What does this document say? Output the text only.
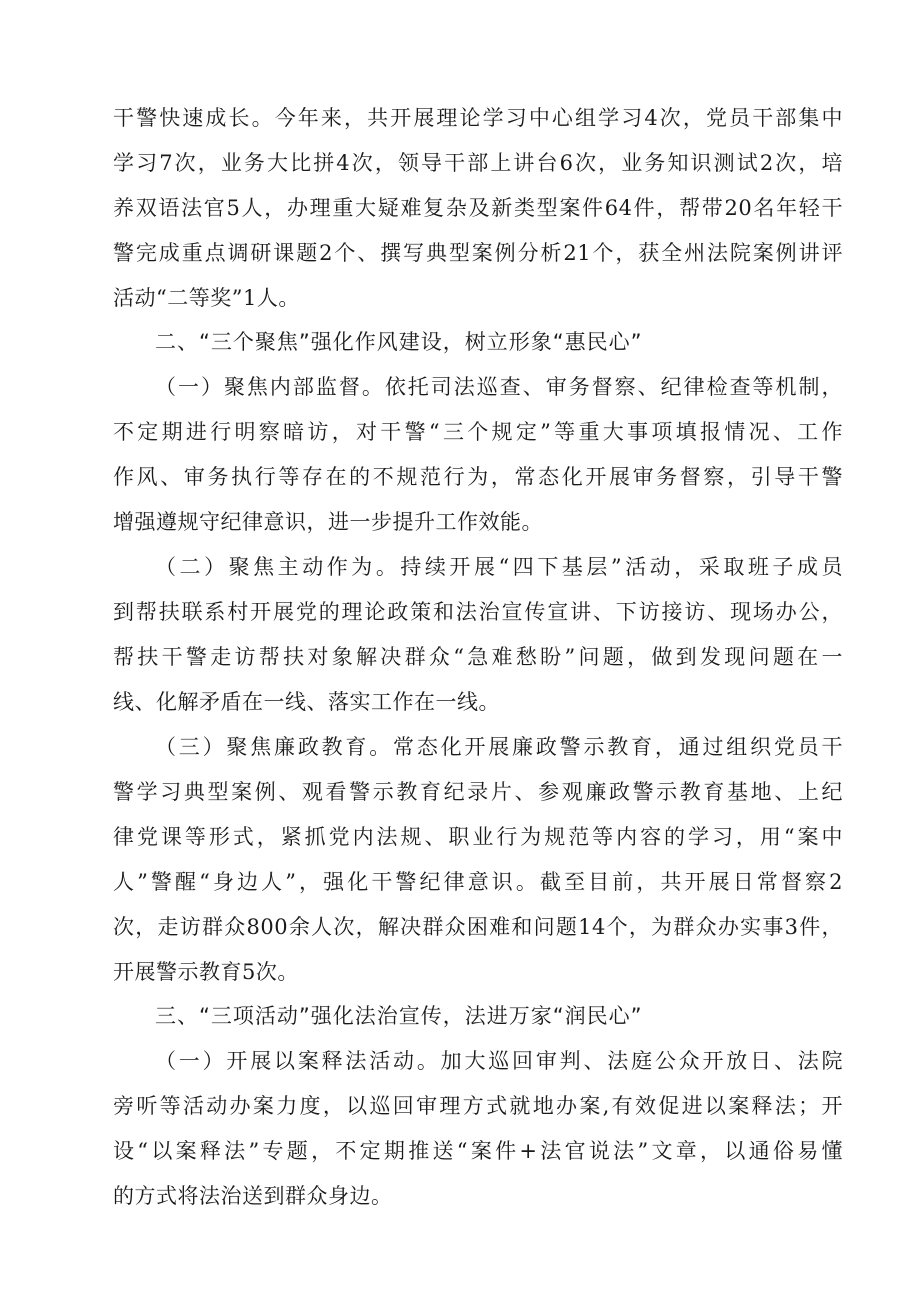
干警快速成长。今年来，共开展理论学习中心组学习4次，党员干部集中
学习7次，业务大比拼4次，领导干部上讲台6次，业务知识测试2次，培
养双语法官5人，办理重大疑难复杂及新类型案件64件，帮带20名年轻干
警完成重点调研课题2个、撰写典型案例分析21个，获全州法院案例讲评
活动“二等奖”1人。
二、“三个聚焦”强化作风建设，树立形象“惠民心”
（一）聚焦内部监督。依托司法巡查、审务督察、纪律检查等机制，
不定期进行明察暗访，对干警“三个规定”等重大事项填报情况、工作
作风、审务执行等存在的不规范行为，常态化开展审务督察，引导干警
增强遵规守纪律意识，进一步提升工作效能。
（二）聚焦主动作为。持续开展“四下基层”活动，采取班子成员
到帮扶联系村开展党的理论政策和法治宣传宣讲、下访接访、现场办公，
帮扶干警走访帮扶对象解决群众“急难愁盼”问题，做到发现问题在一
线、化解矛盾在一线、落实工作在一线。
（三）聚焦廉政教育。常态化开展廉政警示教育，通过组织党员干
警学习典型案例、观看警示教育纪录片、参观廉政警示教育基地、上纪
律党课等形式，紧抓党内法规、职业行为规范等内容的学习，用“案中
人”警醒“身边人”，强化干警纪律意识。截至目前，共开展日常督察2
次，走访群众800余人次，解决群众困难和问题14个，为群众办实事3件，
开展警示教育5次。
三、“三项活动”强化法治宣传，法进万家“润民心”
（一）开展以案释法活动。加大巡回审判、法庭公众开放日、法院
旁听等活动办案力度，以巡回审理方式就地办案,有效促进以案释法；开
设“以案释法”专题，不定期推送“案件+法官说法”文章，以通俗易懂
的方式将法治送到群众身边。
